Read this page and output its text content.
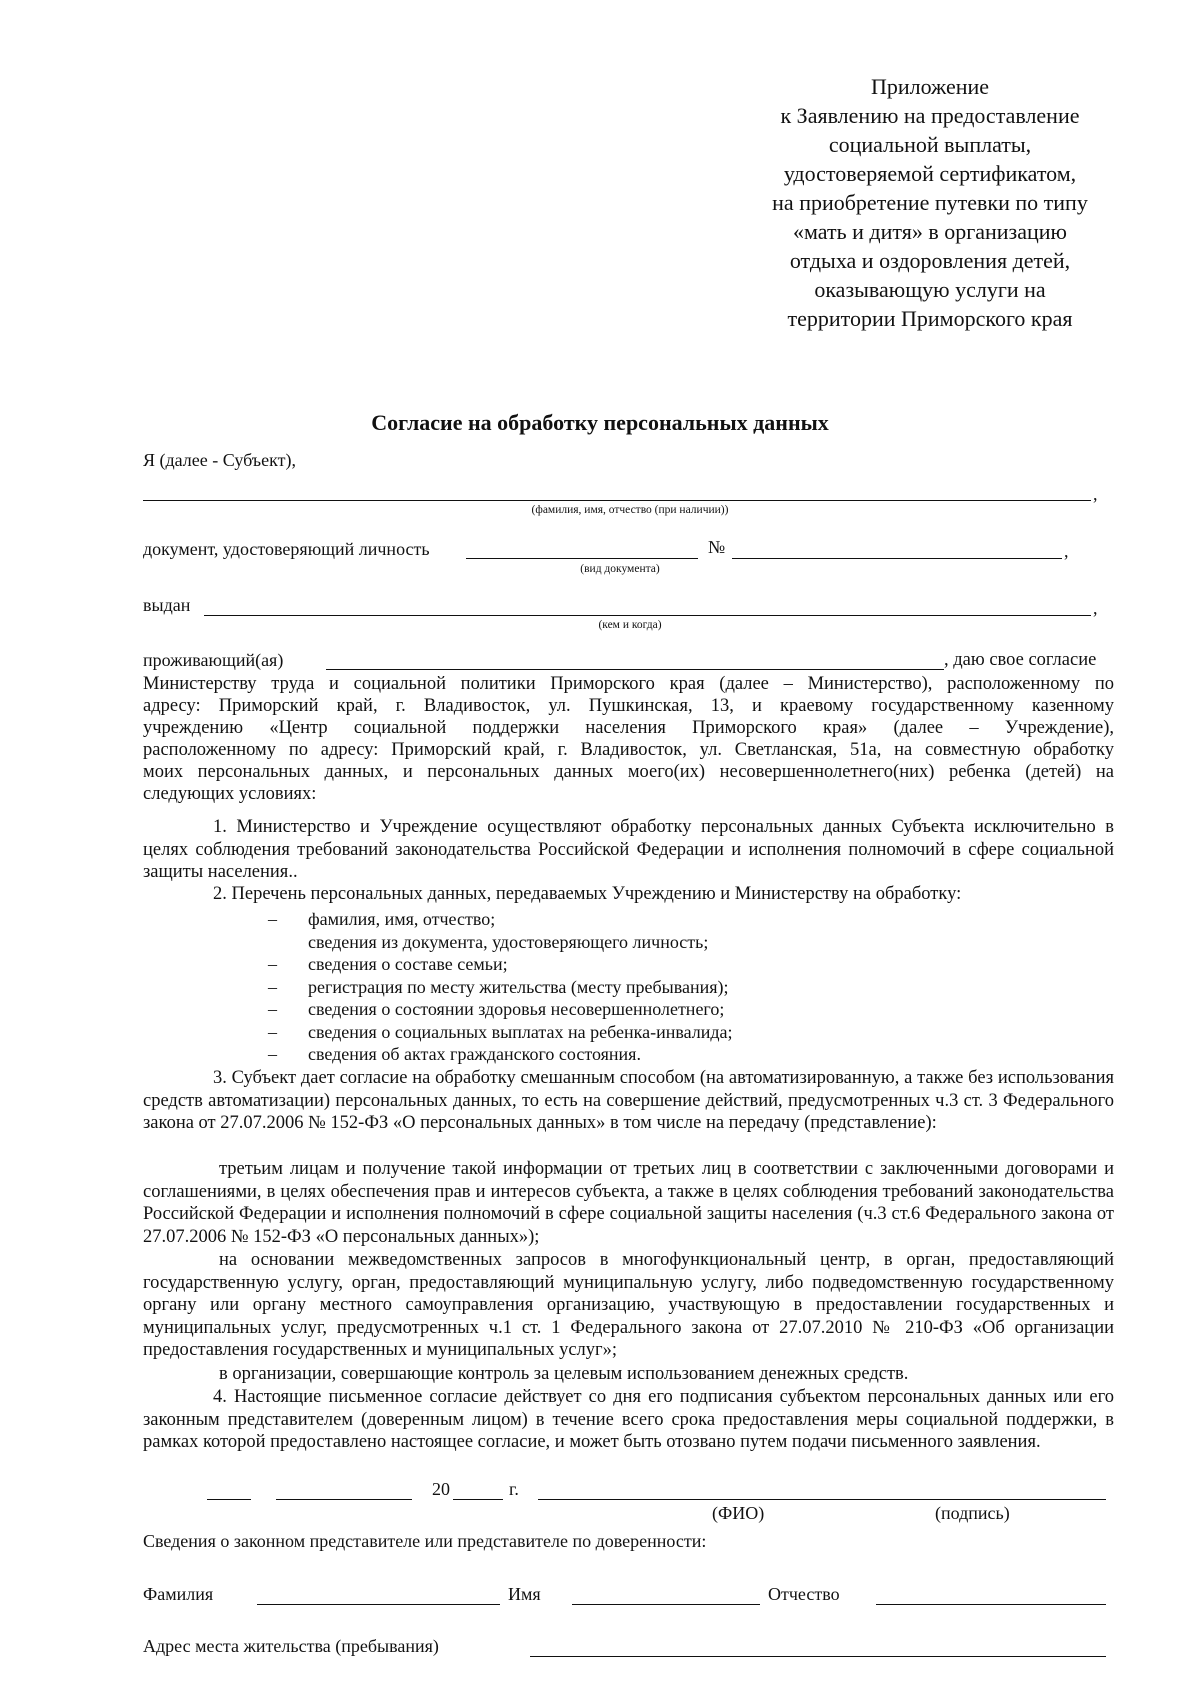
Приложение
к Заявлению на предоставление
социальной выплаты,
удостоверяемой сертификатом,
на приобретение путевки по типу
«мать и дитя» в организацию
отдыха и оздоровления детей,
оказывающую услуги на
территории Приморского края
Согласие на обработку персональных данных
Я (далее - Субъект),
,
(фамилия, имя, отчество (при наличии))
документ, удостоверяющий личность	№	,
(вид документа)
выдан	,
(кем и когда)
проживающий(ая)	, даю свое согласие
Министерству труда и социальной политики Приморского края (далее – Министерство), расположенному по
адресу: Приморский край, г. Владивосток, ул. Пушкинская, 13, и краевому государственному казенному
учреждению «Центр социальной поддержки населения Приморского края» (далее – Учреждение),
расположенному по адресу: Приморский край, г. Владивосток, ул. Светланская, 51а, на совместную обработку
моих персональных данных, и персональных данных моего(их) несовершеннолетнего(них) ребенка (детей) на
следующих условиях:
1. Министерство и Учреждение осуществляют обработку персональных данных Субъекта исключительно в целях соблюдения требований законодательства Российской Федерации и исполнения полномочий в сфере социальной защиты населения..
2. Перечень персональных данных, передаваемых Учреждению и Министерству на обработку:
– фамилия, имя, отчество;
сведения из документа, удостоверяющего личность;
– сведения о составе семьи;
– регистрация по месту жительства (месту пребывания);
– сведения о состоянии здоровья несовершеннолетнего;
– сведения о социальных выплатах на ребенка-инвалида;
– сведения об актах гражданского состояния.
3. Субъект дает согласие на обработку смешанным способом (на автоматизированную, а также без использования средств автоматизации) персональных данных, то есть на совершение действий, предусмотренных ч.3 ст. 3 Федерального закона от 27.07.2006 № 152-ФЗ «О персональных данных» в том числе на передачу (представление):
третьим лицам и получение такой информации от третьих лиц в соответствии с заключенными договорами и соглашениями, в целях обеспечения прав и интересов субъекта, а также в целях соблюдения требований законодательства Российской Федерации и исполнения полномочий в сфере социальной защиты населения (ч.3 ст.6 Федерального закона от 27.07.2006 № 152-ФЗ «О персональных данных»);
на основании межведомственных запросов в многофункциональный центр, в орган, предоставляющий государственную услугу, орган, предоставляющий муниципальную услугу, либо подведомственную государственному органу или органу местного самоуправления организацию, участвующую в предоставлении государственных и муниципальных услуг, предусмотренных ч.1 ст. 1 Федерального закона от 27.07.2010 № 210-ФЗ «Об организации предоставления государственных и муниципальных услуг»;
в организации, совершающие контроль за целевым использованием денежных средств.
4. Настоящие письменное согласие действует со дня его подписания субъектом персональных данных или его законным представителем (доверенным лицом) в течение всего срока предоставления меры социальной поддержки, в рамках которой предоставлено настоящее согласие, и может быть отозвано путем подачи письменного заявления.
20	г.
(ФИО)	(подпись)
Сведения о законном представителе или представителе по доверенности:
Фамилия	Имя	Отчество
Адрес места жительства (пребывания)
